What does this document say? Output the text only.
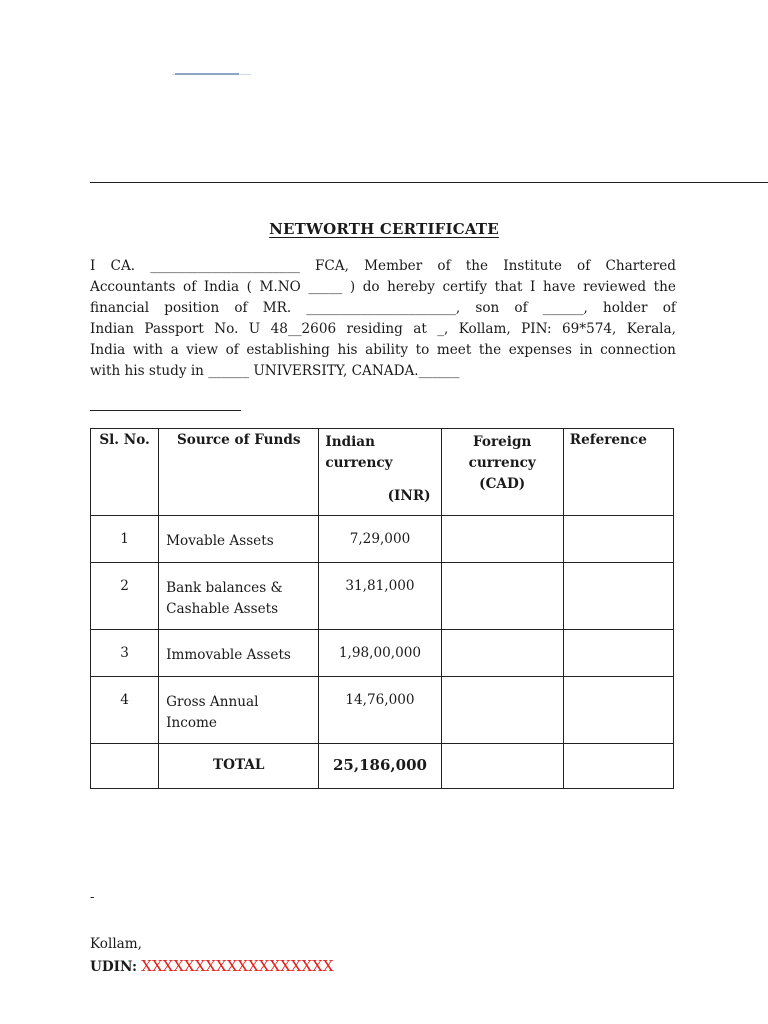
NETWORTH CERTIFICATE
I CA. ______________________ FCA, Member of the Institute of Chartered
Accountants of India ( M.NO _____ ) do hereby certify that I have reviewed the
financial position of MR. ______________________, son of ______, holder of
Indian Passport No. U 48__2606 residing at _, Kollam, PIN: 69*574, Kerala,
India with a view of establishing his ability to meet the expenses in connection
with his study in ______ UNIVERSITY, CANADA.______
Sl. No.	Source of Funds	Indian
currency
(INR)	Foreign
currency
(CAD)	Reference
1	Movable Assets	7,29,000		
2	Bank balances &
Cashable Assets	31,81,000		
3	Immovable Assets	1,98,00,000		
4	Gross Annual
Income	14,76,000		
	TOTAL	25,186,000		
-
Kollam,
UDIN: XXXXXXXXXXXXXXXXXX
